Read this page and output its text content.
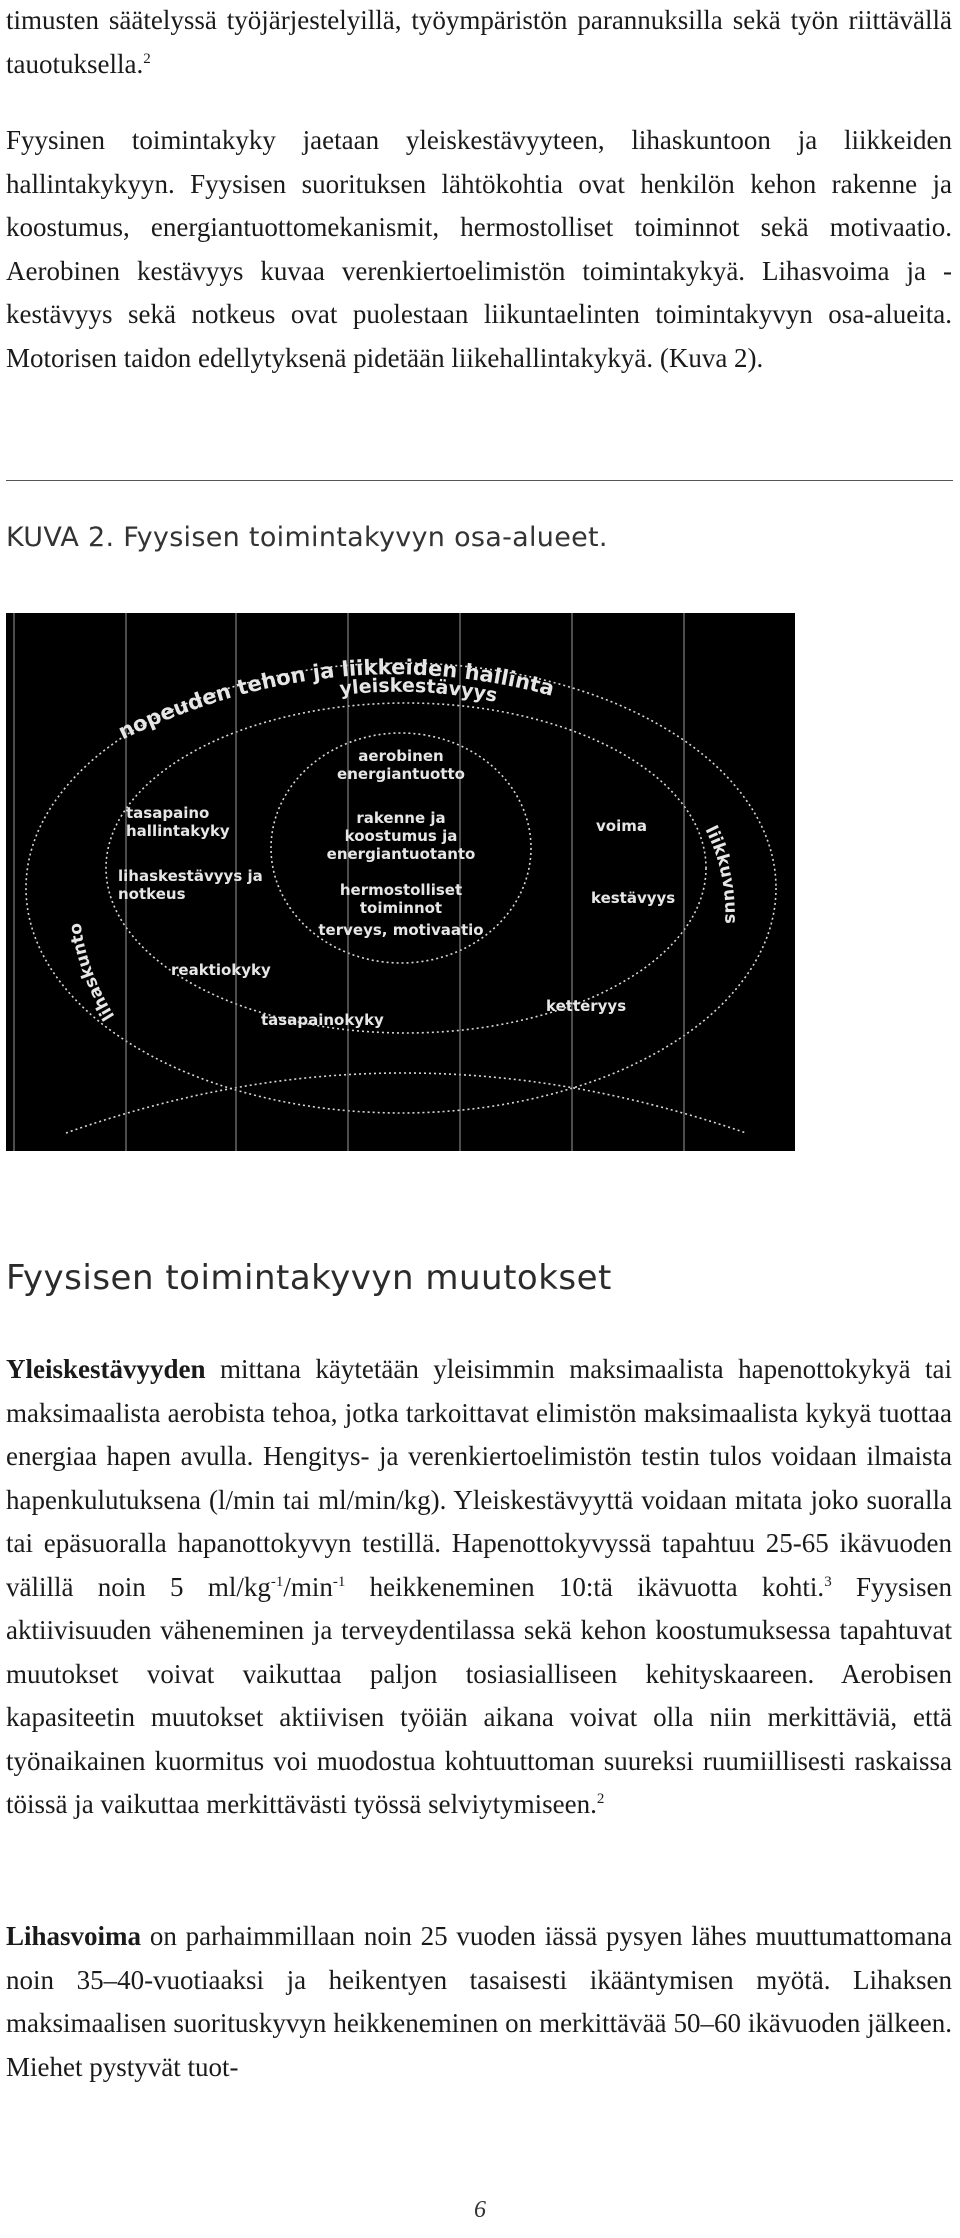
timusten säätelyssä työjärjestelyillä, työympäristön parannuksilla sekä työn riittävällä tauotuksella.$^2$

Fyysinen toimintakyky jaetaan yleiskestävyyteen, lihaskuntoon ja liikkeiden hallintakykyyn. Fyysisen suorituksen lähtökohtia ovat henkilön kehon rakenne ja koostumus, energiantuottomekanismit, hermostolliset toiminnot sekä motivaatio. Aerobinen kestävyys kuvaa verenkiertoelimistön toimintakykyä. Lihasvoima ja -kestävyys sekä notkeus ovat puolestaan liikuntaelinten toimintakyvyn osa-alueita. Motorisen taidon edellytyksenä pidetään liikehallintakykyä. (Kuva 2).

KUVA 2. Fyysisen toimintakyvyn osa-alueet.

nopeuden tehon ja liikkeiden hallinta
yleiskestävyys
lihaskunto
liikkuvuus
aerobinen
energiantuotto
rakenne ja
koostumus ja
energiantuotanto
hermostolliset
toiminnot
terveys, motivaatio
tasapaino
hallintakyky
lihaskestävyys ja
notkeus
voima
kestävyys
reaktiokyky
ketteryys
tasapainokyky
Fyysisen toimintakyvyn muutokset

Yleiskestävyyden mittana käytetään yleisimmin maksimaalista hapenottokykyä tai maksimaalista aerobista tehoa, jotka tarkoittavat elimistön maksimaalista kykyä tuottaa energiaa hapen avulla. Hengitys- ja verenkiertoelimistön testin tulos voidaan ilmaista hapenkulutuksena (l/min tai ml/min/kg). Yleiskestävyyttä voidaan mitata joko suoralla tai epäsuoralla hapanottokyvyn testillä. Hapenottokyvyssä tapahtuu 25-65 ikävuoden välillä noin 5 $ml/kg^{-1}/\min^{-1}$ heikkeneminen 10:tä ikävuotta kohti.$^3$ Fyysisen aktiivisuuden väheneminen ja terveydentilassa sekä kehon koostumuksessa tapahtuvat muutokset voivat vaikuttaa paljon tosiasialliseen kehityskaareen. Aerobisen kapasiteetin muutokset aktiivisen työiän aikana voivat olla niin merkittäviä, että työnaikainen kuormitus voi muodostua kohtuuttoman suureksi ruumiillisesti raskaissa töissä ja vaikuttaa merkittävästi työssä selviytymiseen.$^2$

Lihasvoima on parhaimmillaan noin 25 vuoden iässä pysyen lähes muuttumattomana noin 35–40-vuotiaaksi ja heikentyen tasaisesti ikääntymisen myötä. Lihaksen maksimaalisen suorituskyvyn heikkeneminen on merkittävää 50–60 ikävuoden jälkeen. Miehet pystyvät tuot-

6
